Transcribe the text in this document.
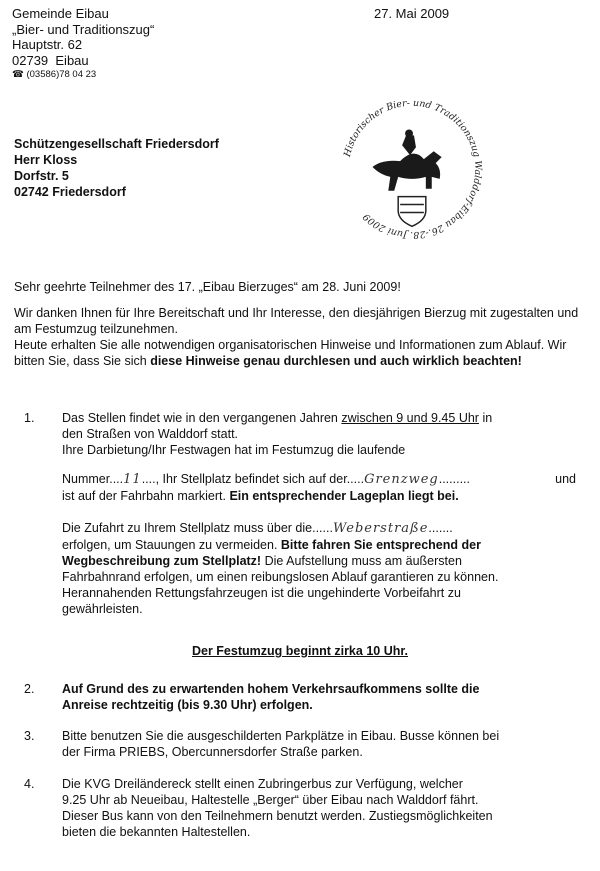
Gemeinde Eibau
„Bier- und Traditionszug“
Hauptstr. 62
02739 Eibau
☎ (03586)78 04 23
27. Mai 2009
Schützengesellschaft Friedersdorf
Herr Kloss
Dorfstr. 5
02742 Friedersdorf
Historischer Bier- und Traditionszug Walddorf-Eibau 26.-28. Juni 2009
Sehr geehrte Teilnehmer des 17. „Eibau Bierzuges“ am 28. Juni 2009!
Wir danken Ihnen für Ihre Bereitschaft und Ihr Interesse, den diesjährigen Bierzug mit zugestalten und am Festumzug teilzunehmen.
Heute erhalten Sie alle notwendigen organisatorischen Hinweise und Informationen zum Ablauf. Wir bitten Sie, dass Sie sich diese Hinweise genau durchlesen und auch wirklich beachten!
1. Das Stellen findet wie in den vergangenen Jahren zwischen 9 und 9.45 Uhr in
den Straßen von Walddorf statt.
Ihre Darbietung/Ihr Festwagen hat im Festumzug die laufende
Nummer....11...., Ihr Stellplatz befindet sich auf der.....Grenzweg.........	und
ist auf der Fahrbahn markiert. Ein entsprechender Lageplan liegt bei.
Die Zufahrt zu Ihrem Stellplatz muss über die......Weberstraße.......
erfolgen, um Stauungen zu vermeiden. Bitte fahren Sie entsprechend der
Wegbeschreibung zum Stellplatz! Die Aufstellung muss am äußersten
Fahrbahnrand erfolgen, um einen reibungslosen Ablauf garantieren zu können.
Herannahenden Rettungsfahrzeugen ist die ungehinderte Vorbeifahrt zu
gewährleisten.
Der Festumzug beginnt zirka 10 Uhr.
2. Auf Grund des zu erwartenden hohem Verkehrsaufkommens sollte die
Anreise rechtzeitig (bis 9.30 Uhr) erfolgen.
3. Bitte benutzen Sie die ausgeschilderten Parkplätze in Eibau. Busse können bei
der Firma PRIEBS, Obercunnersdorfer Straße parken.
4. Die KVG Dreiländereck stellt einen Zubringerbus zur Verfügung, welcher
9.25 Uhr ab Neueibau, Haltestelle „Berger“ über Eibau nach Walddorf fährt.
Dieser Bus kann von den Teilnehmern benutzt werden. Zustiegsmöglichkeiten
bieten die bekannten Haltestellen.
